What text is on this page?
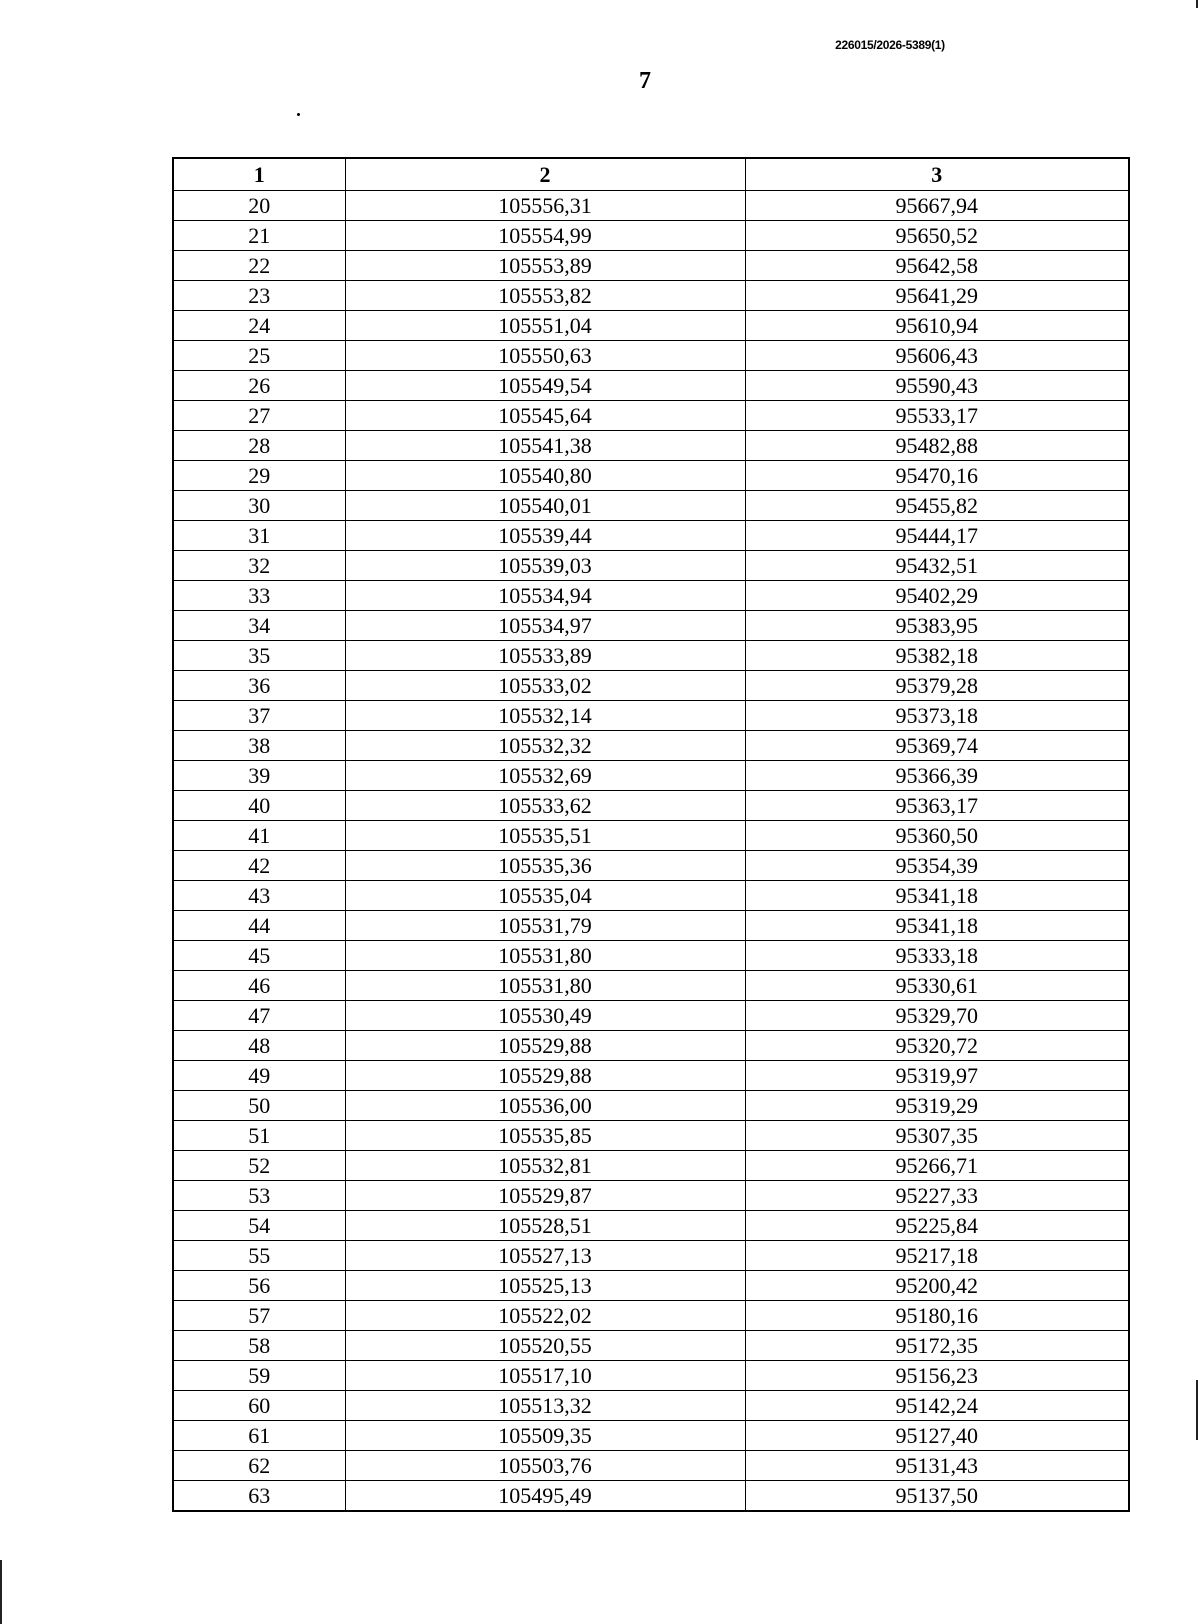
226015/2026-5389(1)
7
1	2	3
20	105556,31	95667,94
21	105554,99	95650,52
22	105553,89	95642,58
23	105553,82	95641,29
24	105551,04	95610,94
25	105550,63	95606,43
26	105549,54	95590,43
27	105545,64	95533,17
28	105541,38	95482,88
29	105540,80	95470,16
30	105540,01	95455,82
31	105539,44	95444,17
32	105539,03	95432,51
33	105534,94	95402,29
34	105534,97	95383,95
35	105533,89	95382,18
36	105533,02	95379,28
37	105532,14	95373,18
38	105532,32	95369,74
39	105532,69	95366,39
40	105533,62	95363,17
41	105535,51	95360,50
42	105535,36	95354,39
43	105535,04	95341,18
44	105531,79	95341,18
45	105531,80	95333,18
46	105531,80	95330,61
47	105530,49	95329,70
48	105529,88	95320,72
49	105529,88	95319,97
50	105536,00	95319,29
51	105535,85	95307,35
52	105532,81	95266,71
53	105529,87	95227,33
54	105528,51	95225,84
55	105527,13	95217,18
56	105525,13	95200,42
57	105522,02	95180,16
58	105520,55	95172,35
59	105517,10	95156,23
60	105513,32	95142,24
61	105509,35	95127,40
62	105503,76	95131,43
63	105495,49	95137,50
